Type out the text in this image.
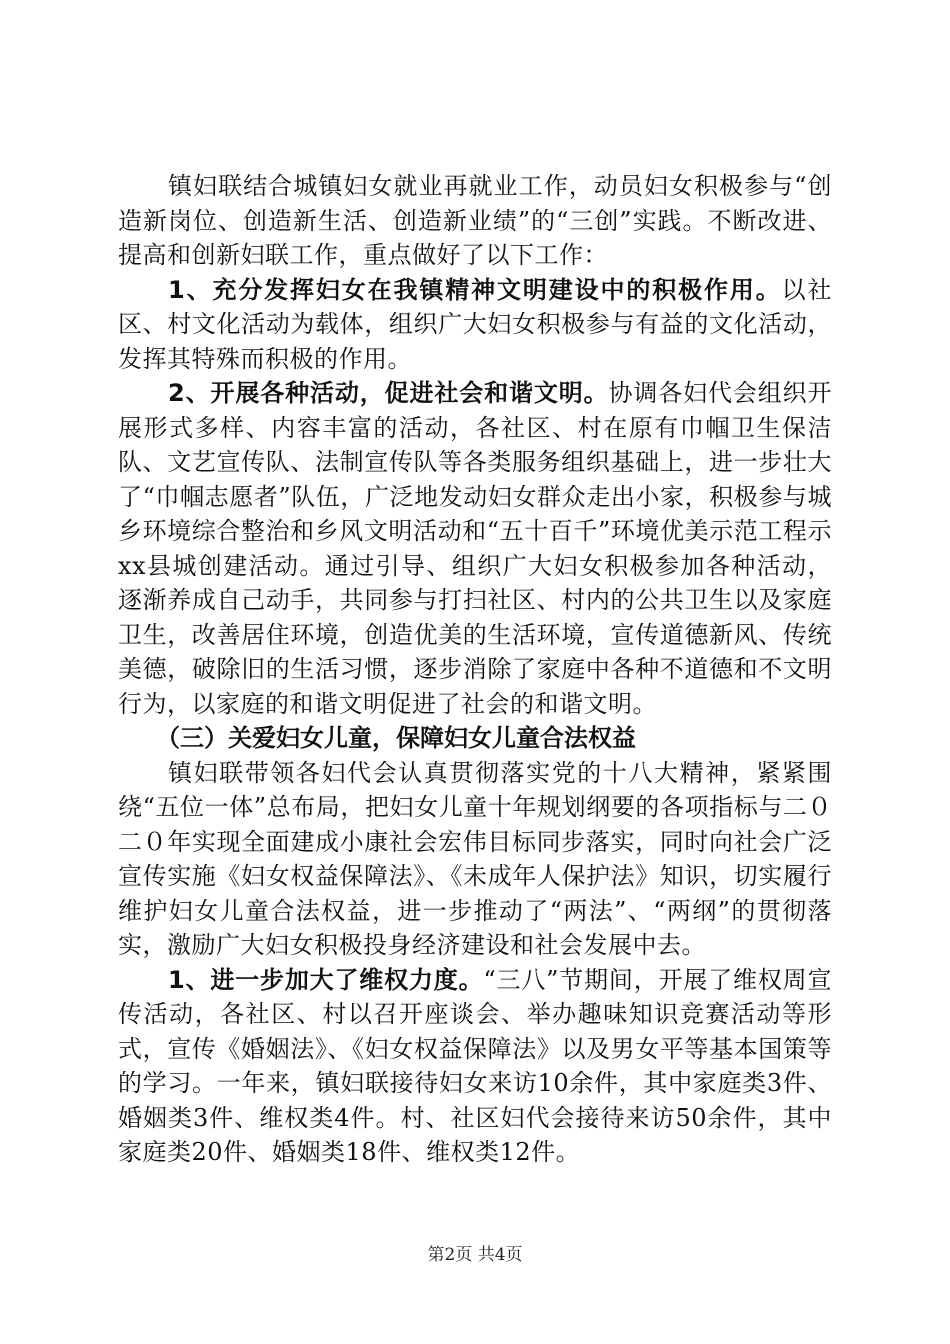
镇妇联结合城镇妇女就业再就业工作，动员妇女积极参与“创造新岗位、创造新生活、创造新业绩”的“三创”实践。不断改进、提高和创新妇联工作，重点做好了以下工作：

1、充分发挥妇女在我镇精神文明建设中的积极作用。以社区、村文化活动为载体，组织广大妇女积极参与有益的文化活动，发挥其特殊而积极的作用。

2、开展各种活动，促进社会和谐文明。协调各妇代会组织开展形式多样、内容丰富的活动，各社区、村在原有巾帼卫生保洁队、文艺宣传队、法制宣传队等各类服务组织基础上，进一步壮大了“巾帼志愿者”队伍，广泛地发动妇女群众走出小家，积极参与城乡环境综合整治和乡风文明活动和“五十百千”环境优美示范工程示xx县城创建活动。通过引导、组织广大妇女积极参加各种活动，逐渐养成自己动手，共同参与打扫社区、村内的公共卫生以及家庭卫生，改善居住环境，创造优美的生活环境，宣传道德新风、传统美德，破除旧的生活习惯，逐步消除了家庭中各种不道德和不文明行为，以家庭的和谐文明促进了社会的和谐文明。

（三）关爱妇女儿童，保障妇女儿童合法权益

镇妇联带领各妇代会认真贯彻落实党的十八大精神，紧紧围绕“五位一体”总布局，把妇女儿童十年规划纲要的各项指标与二０二０年实现全面建成小康社会宏伟目标同步落实，同时向社会广泛宣传实施《妇女权益保障法》、《未成年人保护法》知识，切实履行维护妇女儿童合法权益，进一步推动了“两法”、“两纲”的贯彻落实，激励广大妇女积极投身经济建设和社会发展中去。

1、进一步加大了维权力度。“三八”节期间，开展了维权周宣传活动，各社区、村以召开座谈会、举办趣味知识竞赛活动等形式，宣传《婚姻法》、《妇女权益保障法》以及男女平等基本国策等的学习。一年来，镇妇联接待妇女来访10余件，其中家庭类3件、婚姻类3件、维权类4件。村、社区妇代会接待来访50余件，其中家庭类20件、婚姻类18件、维权类12件。

第2页 共4页
